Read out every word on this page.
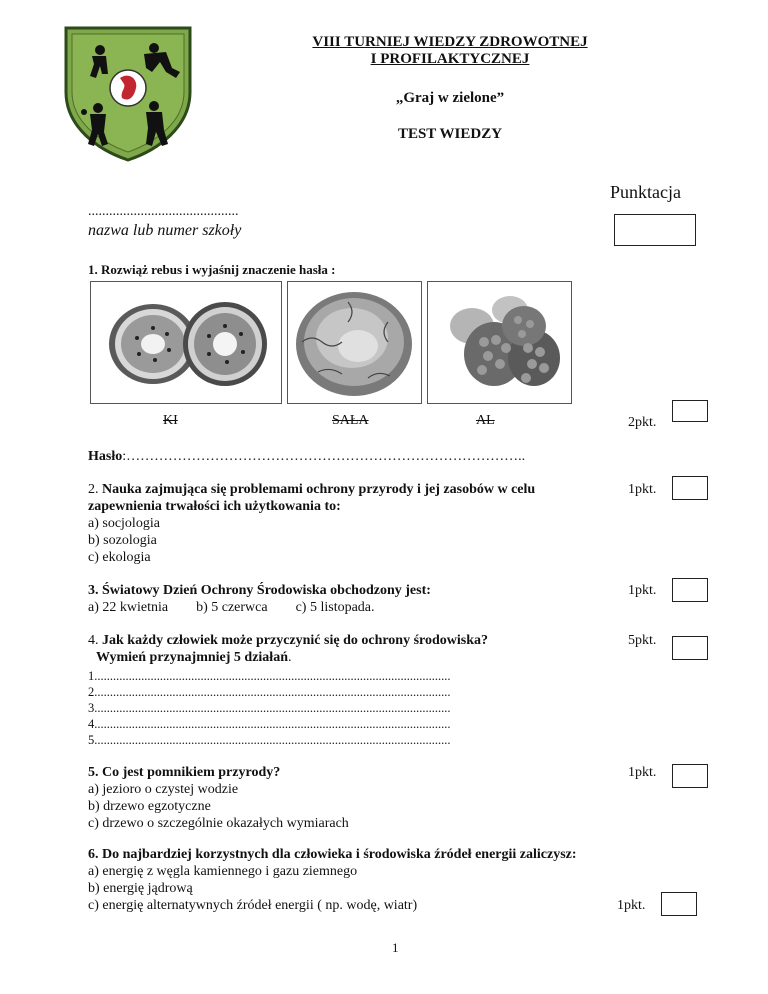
VIII TURNIEJ WIEDZY ZDROWOTNEJ
I PROFILAKTYCZNEJ
„Graj w zielone”
TEST WIEDZY
Punktacja
...........................................
nazwa lub numer szkoły
1. Rozwiąż rebus i wyjaśnij znaczenie hasła :
KI	SAŁA	AL	2pkt.
Hasło:…………………………………………………………………………..
2. Nauka zajmująca się problemami ochrony przyrody i jej zasobów w celu
zapewnienia trwałości ich użytkowania to:
a) socjologia
b) sozologia
c) ekologia
1pkt.
3. Światowy Dzień Ochrony Środowiska obchodzony jest:
a) 22 kwietnia        b) 5 czerwca        c) 5 listopada.
1pkt.
4. Jak każdy człowiek może przyczynić się do ochrony środowiska?
Wymień przynajmniej 5 działań.
5pkt.
1..................................................................................................................
2..................................................................................................................
3..................................................................................................................
4..................................................................................................................
5..................................................................................................................
5. Co jest pomnikiem przyrody?
a) jezioro o czystej wodzie
b) drzewo egzotyczne
c) drzewo o szczególnie okazałych wymiarach
1pkt.
6. Do najbardziej korzystnych dla człowieka i środowiska źródeł energii zaliczysz:
a) energię z węgla kamiennego i gazu ziemnego
b) energię jądrową
c) energię alternatywnych źródeł energii ( np. wodę, wiatr)	1pkt.
1
